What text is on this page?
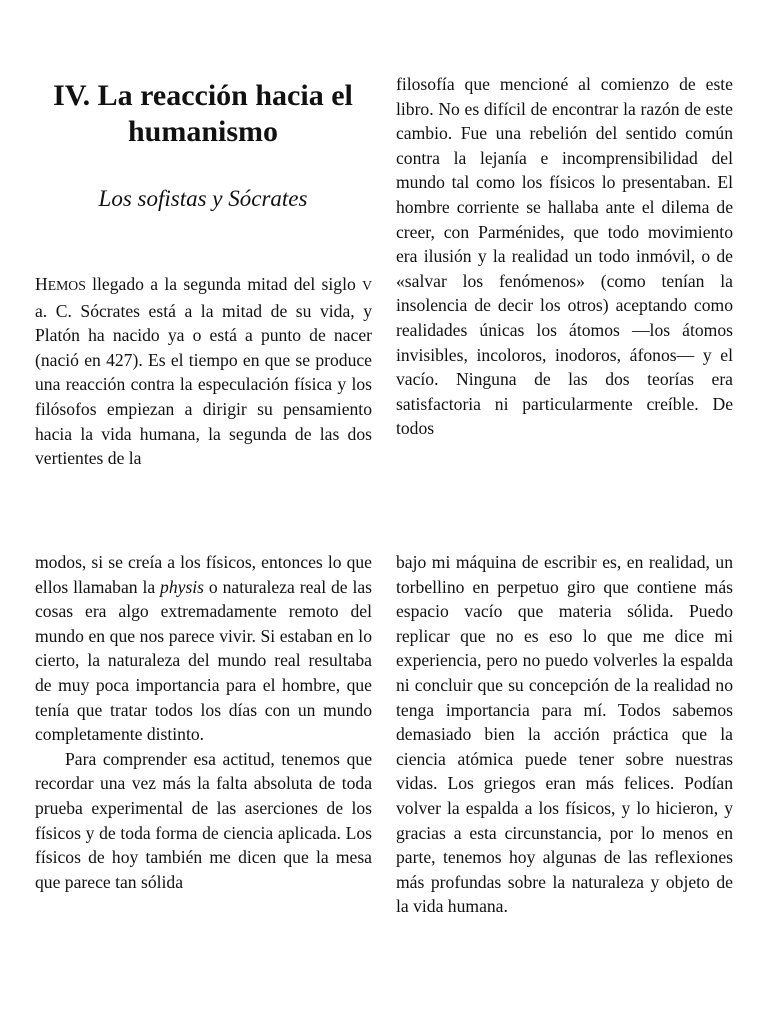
IV. La reacción hacia el humanismo
Los sofistas y Sócrates

HEMOS llegado a la segunda mitad del siglo V a. C. Sócrates está a la mitad de su vida, y Platón ha nacido ya o está a punto de nacer (nació en 427). Es el tiempo en que se produce una reacción contra la especulación física y los filósofos empiezan a dirigir su pensamiento hacia la vida humana, la segunda de las dos vertientes de la

filosofía que mencioné al comienzo de este libro. No es difícil de encontrar la razón de este cambio. Fue una rebelión del sentido común contra la lejanía e incomprensibilidad del mundo tal como los físicos lo presentaban. El hombre corriente se hallaba ante el dilema de creer, con Parménides, que todo movimiento era ilusión y la realidad un todo inmóvil, o de «salvar los fenómenos» (como tenían la insolencia de decir los otros) aceptando como realidades únicas los átomos —los átomos invisibles, incoloros, inodoros, áfonos— y el vacío. Ninguna de las dos teorías era satisfactoria ni particularmente creíble. De todos

modos, si se creía a los físicos, entonces lo que ellos llamaban la physis o naturaleza real de las cosas era algo extremadamente remoto del mundo en que nos parece vivir. Si estaban en lo cierto, la naturaleza del mundo real resultaba de muy poca importancia para el hombre, que tenía que tratar todos los días con un mundo completamente distinto.

Para comprender esa actitud, tenemos que recordar una vez más la falta absoluta de toda prueba experimental de las aserciones de los físicos y de toda forma de ciencia aplicada. Los físicos de hoy también me dicen que la mesa que parece tan sólida

bajo mi máquina de escribir es, en realidad, un torbellino en perpetuo giro que contiene más espacio vacío que materia sólida. Puedo replicar que no es eso lo que me dice mi experiencia, pero no puedo volverles la espalda ni concluir que su concepción de la realidad no tenga importancia para mí. Todos sabemos demasiado bien la acción práctica que la ciencia atómica puede tener sobre nuestras vidas. Los griegos eran más felices. Podían volver la espalda a los físicos, y lo hicieron, y gracias a esta circunstancia, por lo menos en parte, tenemos hoy algunas de las reflexiones más profundas sobre la naturaleza y objeto de la vida humana.
